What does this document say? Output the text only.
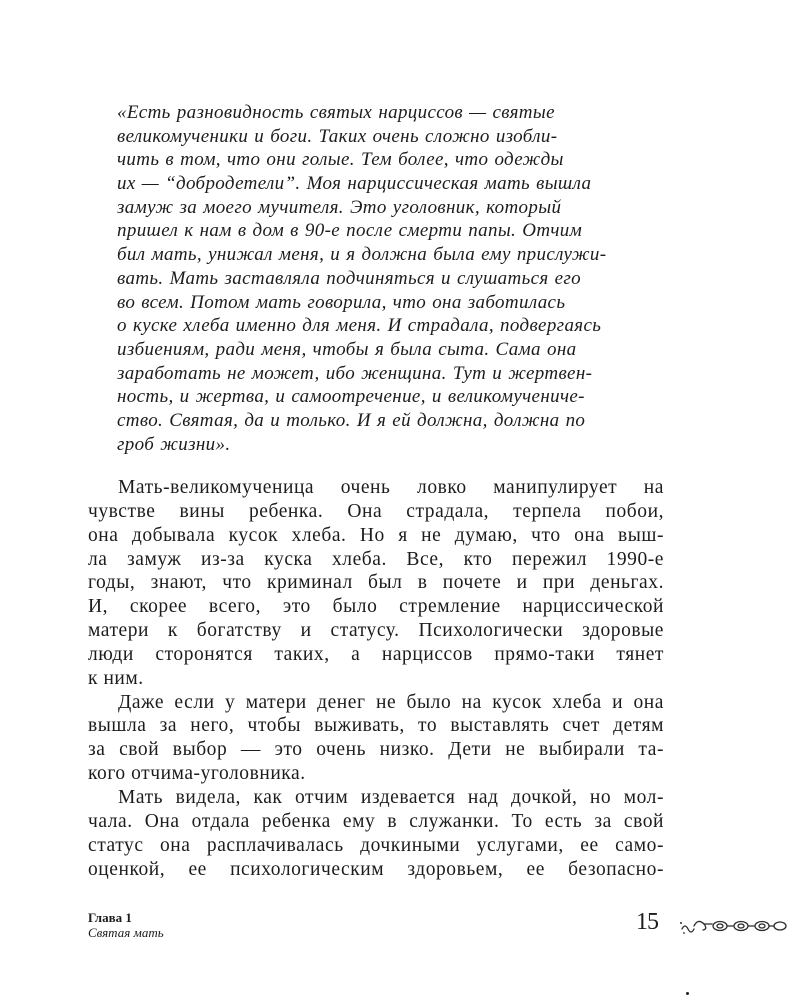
«Есть разновидность святых нарциссов — святые
великомученики и боги. Таких очень сложно изобли-
чить в том, что они голые. Тем более, что одежды
их — “добродетели”. Моя нарциссическая мать вышла
замуж за моего мучителя. Это уголовник, который
пришел к нам в дом в 90-е после смерти папы. Отчим
бил мать, унижал меня, и я должна была ему прислужи-
вать. Мать заставляла подчиняться и слушаться его
во всем. Потом мать говорила, что она заботилась
о куске хлеба именно для меня. И страдала, подвергаясь
избиениям, ради меня, чтобы я была сыта. Сама она
заработать не может, ибо женщина. Тут и жертвен-
ность, и жертва, и самоотречение, и великомучениче-
ство. Святая, да и только. И я ей должна, должна по
гроб жизни».
Мать-великомученица очень ловко манипулирует на
чувстве вины ребенка. Она страдала, терпела побои,
она добывала кусок хлеба. Но я не думаю, что она выш-
ла замуж из-за куска хлеба. Все, кто пережил 1990-е
годы, знают, что криминал был в почете и при деньгах.
И, скорее всего, это было стремление нарциссической
матери к богатству и статусу. Психологически здоровые
люди сторонятся таких, а нарциссов прямо-таки тянет
к ним.
Даже если у матери денег не было на кусок хлеба и она
вышла за него, чтобы выживать, то выставлять счет детям
за свой выбор — это очень низко. Дети не выбирали та-
кого отчима-уголовника.
Мать видела, как отчим издевается над дочкой, но мол-
чала. Она отдала ребенка ему в служанки. То есть за свой
статус она расплачивалась дочкиными услугами, ее само-
оценкой, ее психологическим здоровьем, ее безопасно-
Глава 1
Святая мать	15
